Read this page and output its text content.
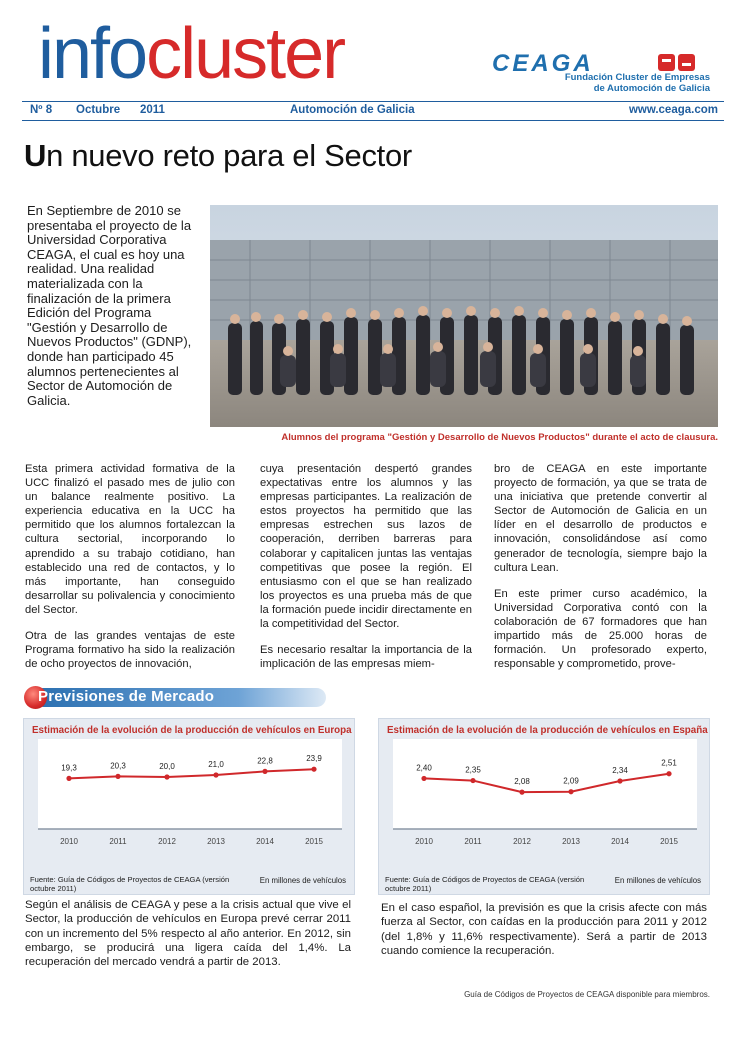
infocluster	CEAGA
Fundación Cluster de Empresas
de Automoción de Galicia
Nº 8 Octubre 2011	Automoción de Galicia	www.ceaga.com
Un nuevo reto para el Sector
En Septiembre de 2010 se presentaba el proyecto de la Universidad Corporativa CEAGA, el cual es hoy una realidad. Una realidad materializada con la finalización de la primera Edición del Programa "Gestión y Desarrollo de Nuevos Productos" (GDNP), donde han participado 45 alumnos pertenecientes al Sector de Automoción de Galicia.
Alumnos del programa "Gestión y Desarrollo de Nuevos Productos" durante el acto de clausura.

Esta primera actividad formativa de la UCC finalizó el pasado mes de julio con un balance realmente positivo. La experiencia educativa en la UCC ha permitido que los alumnos fortalezcan la cultura sectorial, incorporando lo aprendido a su trabajo cotidiano, han establecido una red de contactos, y lo más importante, han conseguido desarrollar su polivalencia y conocimiento del Sector.

Otra de las grandes ventajas de este Programa formativo ha sido la realización de ocho proyectos de innovación,

cuya presentación despertó grandes expectativas entre los alumnos y las empresas participantes. La realización de estos proyectos ha permitido que las empresas estrechen sus lazos de cooperación, derriben barreras para colaborar y capitalicen juntas las ventajas competitivas que posee la región. El entusiasmo con el que se han realizado los proyectos es una prueba más de que la formación puede incidir directamente en la competitividad del Sector.

Es necesario resaltar la importancia de la implicación de las empresas miem-

bro de CEAGA en este importante proyecto de formación, ya que se trata de una iniciativa que pretende convertir al Sector de Automoción de Galicia en un líder en el desarrollo de productos e innovación, consolidándose así como generador de tecnología, siempre bajo la cultura Lean.

En este primer curso académico, la Universidad Corporativa contó con la colaboración de 67 formadores que han impartido más de 25.000 horas de formación. Un profesorado experto, responsable y comprometido, prove-

Previsiones de Mercado
Estimación de la evolución de la producción de vehículos en Europa
19,3
2010
20,3
2011
20,0
2012
21,0
2013
22,8
2014
23,9
2015
Fuente: Guía de Códigos de Proyectos de CEAGA (versión octubre 2011)
En millones de vehículos
Estimación de la evolución de la producción de vehículos en España
2,40
2010
2,35
2011
2,08
2012
2,09
2013
2,34
2014
2,51
2015
Fuente: Guía de Códigos de Proyectos de CEAGA (versión octubre 2011)
En millones de vehículos
Según el análisis de CEAGA y pese a la crisis actual que vive el Sector, la producción de vehículos en Europa prevé cerrar 2011 con un incremento del 5% respecto al año anterior. En 2012, sin embargo, se producirá una ligera caída del 1,4%. La recuperación del mercado vendrá a partir de 2013.
En el caso español, la previsión es que la crisis afecte con más fuerza al Sector, con caídas en la producción para 2011 y 2012 (del 1,8% y 11,6% respectivamente). Será a partir de 2013 cuando comience la recuperación.
Guía de Códigos de Proyectos de CEAGA disponible para miembros.
